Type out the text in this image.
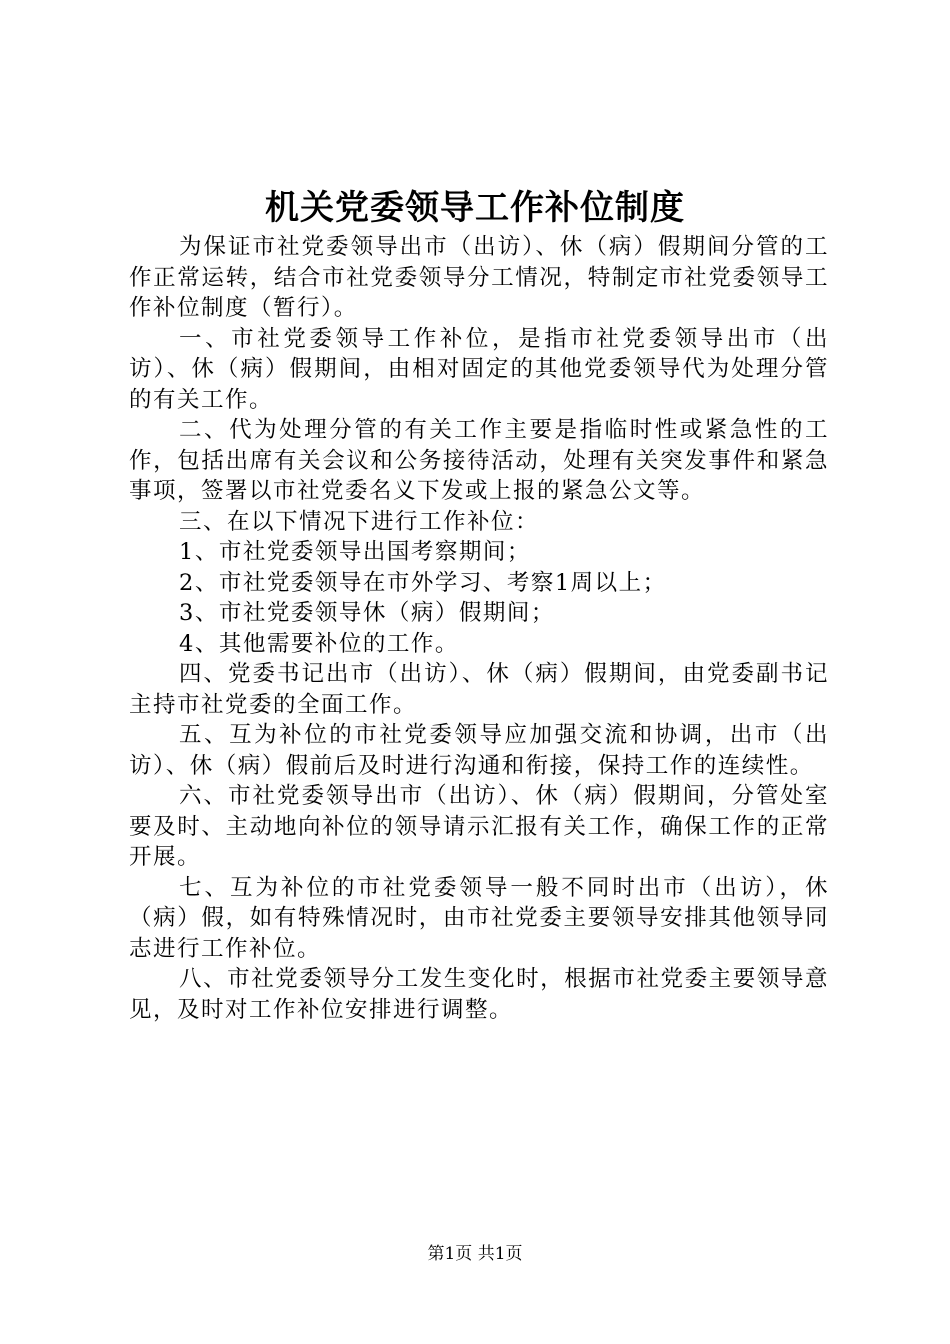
机关党委领导工作补位制度

为保证市社党委领导出市（出访）、休（病）假期间分管的工作正常运转，结合市社党委领导分工情况，特制定市社党委领导工作补位制度（暂行）。

一、市社党委领导工作补位，是指市社党委领导出市（出访）、休（病）假期间，由相对固定的其他党委领导代为处理分管的有关工作。

二、代为处理分管的有关工作主要是指临时性或紧急性的工作，包括出席有关会议和公务接待活动，处理有关突发事件和紧急事项，签署以市社党委名义下发或上报的紧急公文等。

三、在以下情况下进行工作补位：

1、市社党委领导出国考察期间；

2、市社党委领导在市外学习、考察1周以上；

3、市社党委领导休（病）假期间；

4、其他需要补位的工作。

四、党委书记出市（出访）、休（病）假期间，由党委副书记主持市社党委的全面工作。

五、互为补位的市社党委领导应加强交流和协调，出市（出访）、休（病）假前后及时进行沟通和衔接，保持工作的连续性。

六、市社党委领导出市（出访）、休（病）假期间，分管处室要及时、主动地向补位的领导请示汇报有关工作，确保工作的正常开展。

七、互为补位的市社党委领导一般不同时出市（出访），休（病）假，如有特殊情况时，由市社党委主要领导安排其他领导同志进行工作补位。

八、市社党委领导分工发生变化时，根据市社党委主要领导意见，及时对工作补位安排进行调整。

第1页 共1页
